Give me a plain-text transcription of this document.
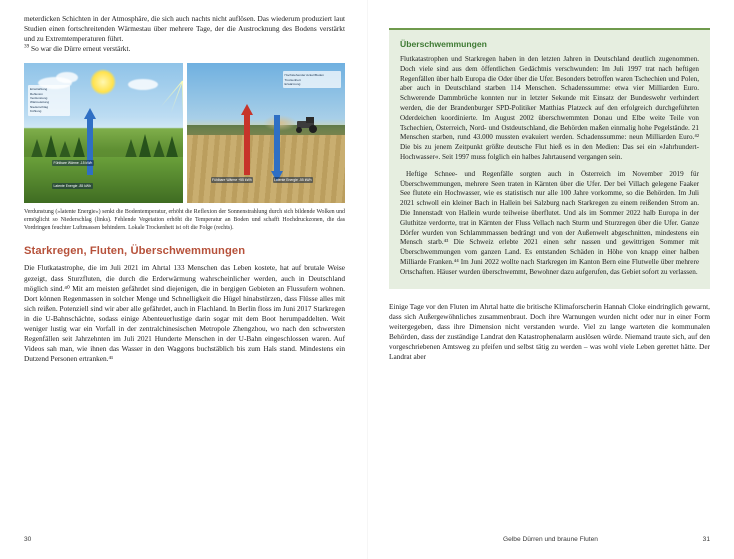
meterdicken Schichten in der Atmosphäre, die sich auch nachts nicht auflösen. Das wiederum produziert laut Studien einen fortschreitenden Wärmestau über mehrere Tage, der die Austrocknung des Bodens verstärkt und zu Extremtemperaturen führt.

$^{39}$ So war die Dürre erneut verstärkt.

Einstrahlung
Reflexion
Verdunstung
Wärmeleitung
Niederschlag
Kühlung
Fühlbare Wärme -15 kWh
Latente Energie -85 kWh
Hochstehender Acker/Boden
Trockenheit
Erwärmung
Fühlbare Wärme +55 kWh	Latente Energie -55 kWh
Verdunstung (»latente Energie«) senkt die Bodentemperatur, erhöht die Reflexion der Sonnenstrahlung durch sich bildende Wolken und ermöglicht so Niederschlag (links). Fehlende Vegetation erhöht die Temperatur an Boden und schafft Hochdruckzonen, die das Vordringen feuchter Luftmassen behindern. Lokale Trockenheit ist oft die Folge (rechts).
Starkregen, Fluten, Überschwemmungen

Die Flutkatastrophe, die im Juli 2021 im Ahrtal 133 Menschen das Leben kostete, hat auf brutale Weise gezeigt, dass Sturzfluten, die durch die Erderwärmung wahrscheinlicher werden, auch in Deutschland möglich sind.⁴⁰ Mit am meisten gefährdet sind diejenigen, die in bergigen Gebieten an Flussufern wohnen. Dort können Regenmassen in solcher Menge und Schnelligkeit die Hügel hinabstürzen, dass Flüsse alles mit sich reißen. Potenziell sind wir aber alle gefährdet, auch in Flachland. In Berlin floss im Juni 2017 Starkregen in die U-Bahnschächte, sodass einige Abenteuerlustige darin sogar mit dem Boot herumpaddelten. Weit weniger lustig war ein Vorfall in der zentralchinesischen Metropole Zhengzhou, wo nach den schwersten Regenfällen seit Jahrzehnten im Juli 2021 Hunderte Menschen in der U-Bahn eingeschlossen waren. Auf Videos sah man, wie ihnen das Wasser in den Waggons buchstäblich bis zum Hals stand. Mindestens ein Dutzend Personen ertranken.⁴¹

30
Überschwemmungen

Flutkatastrophen und Starkregen haben in den letzten Jahren in Deutschland deutlich zugenommen. Doch viele sind aus dem öffentlichen Gedächtnis verschwunden: Im Juli 1997 trat nach heftigen Regenfällen über halb Europa die Oder über die Ufer. Besonders betroffen waren Tschechien und Polen, aber auch in Deutschland starben 114 Menschen. Schadenssumme: etwa vier Milliarden Euro. Schwerende Dammbrüche konnten nur in letzter Sekunde mit Einsatz der Bundeswehr verhindert werden, die der Brandenburger SPD-Politiker Matthias Platzeck auf den erfolgreich durchgeführten Oderdeichen koordinierte. Im August 2002 überschwemmten Donau und Elbe weite Teile von Tschechien, Österreich, Nord- und Ostdeutschland, die Behörden maßen einmalig hohe Pegelstände. 21 Menschen starben, rund 43.000 mussten evakuiert werden. Schadenssumme: neun Milliarden Euro.⁴² Die bis zu jenem Zeitpunkt größte deutsche Flut hieß es in den Medien: Das sei ein »Jahrhundert-Hochwasser«. Seit 1997 muss folglich ein halbes Jahrtausend vergangen sein.

Heftige Schnee- und Regenfälle sorgten auch in Österreich im November 2019 für Überschwemmungen, mehrere Seen traten in Kärnten über die Ufer. Der bei Villach gelegene Faaker See flutete ein Hochwasser, wie es statistisch nur alle 100 Jahre vorkomme, so die Behörden. Im Juli 2021 schwoll ein kleiner Bach in Hallein bei Salzburg nach Starkregen zu einem reißenden Strom an. Die Innenstadt von Hallein wurde teilweise überflutet. Und als im Sommer 2022 halb Europa in der Gluthitze verdorrte, trat in Kärnten der Fluss Vellach nach Sturm und Sturzregen über die Ufer. Ganze Dörfer wurden von Schlammmassen bedrängt und von der Außenwelt abgeschnitten, mindestens ein Mensch starb.⁴³ Die Schweiz erlebte 2021 einen sehr nassen und gewittrigen Sommer mit Überschwemmungen vom ganzen Land. Es entstanden Schäden in Höhe von knapp einer halben Milliarde Franken.⁴⁴ Im Juni 2022 wollte nach Starkregen im Kanton Bern eine Flutwelle über mehrere Ortschaften. Häuser wurden überschwemmt, Bewohner dazu aufgerufen, das Gebiet sofort zu verlassen.

Einige Tage vor den Fluten im Ahrtal hatte die britische Klimaforscherin Hannah Cloke eindringlich gewarnt, dass sich Außergewöhnliches zusammenbraut. Doch ihre Warnungen wurden nicht oder nur in einer Form weitergegeben, dass ihre Dimension nicht verstanden wurde. Viel zu lange warteten die kommunalen Behörden, dass der zuständige Landrat den Katastrophenalarm auslösen würde. Niemand traute sich, auf den vorgeschriebenen Amtsweg zu pfeifen und selbst tätig zu werden – was wohl viele Leben gerettet hätte. Der Landrat aber

Gelbe Dürren und braune Fluten	31
